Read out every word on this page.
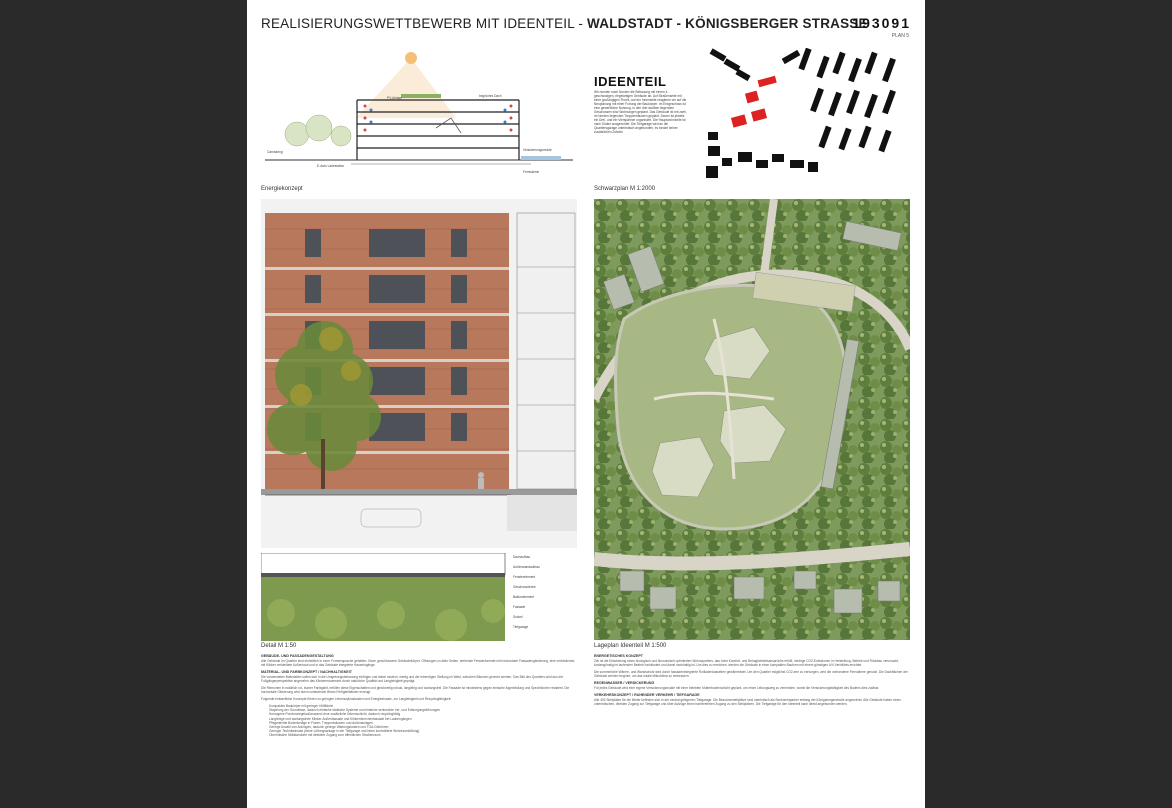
REALISIERUNGSWETTBEWERB MIT IDEENTEIL - WALDSTADT - KÖNIGSBERGER STRASSE
193091
PLAN 5
PV-Anlage	begrüntes Dach
Carsharing
E-Auto Ladestation
Fernwärme
Versickerungsmulde
Energiekonzept
IDEENTEIL
Wir nunden nach Norden die Bebauung mit einem 4- geschossigen, riegelartigen Gebäude ab. Auf Straßenseite mit einer großzügigen Flucht, auf der Innenseite reagieren wir auf die Neuplanung mit einer Fortung der Baukörper. Im Erdgeschoss ist eine gewerbliche Nutzung, in den drei darüber liegenden Geschossen sind Wohnungen geplant. Das Gebäude ist mit zwei, im Norden liegenden Treppenhäusern geplant. Davon ist jeweils ein Drei- und ein Vierspänner organisiert. Die Hauptwohnseite ist nach Süden ausgerichtet. Die Tiefgarage wird an die Quartiersgarage unterirdisch angebunden, es bedarf keiner zusätzlichen Zufahrt.
Schwarzplan M 1:2000
Dachaufbau
Außenwandaufbau
Fensterelement
Geschossdecke
Balkonelement
Fassade
Sockel
Tiefgarage
Detail M 1:50	Lageplan Ideenteil M 1:500
GEBÄUDE- UND FASSADENGESTALTUNG

Alle Gebäude im Quartier sind einheitlich in einer Formensprache gehalten. Klare, geschlossene Gebäudekörper. Öffnungen zu allen Seiten, stehende Fensterformate mit horizontaler Fassadengliederung, eine verbindende, mit Klinker verkleidete Außenhaut und in das Gebäude integrierte Hauseingänge.

MATERIAL- UND FARBKONZEPT / NACHHALTIGKEIT

Die verwendeten Materialien sollen sich in die Umgebungsbebauung einfügen und dabei modern, wertig und der lebendigen Stellung im Wald, zwischen Bäumen gerecht werden. Das Bild des Quartiers wird aus der Fußgängerperspektive angenehm das Klinkermauerwerk durch natürliche Qualität und Langlebigkeit geprägt.

Die Riemchen in natürlich rot- bunter Farbigkeit, erfüllen diese Eigenschaften und gleichzeitig robust, langlebig und wartungsfrei. Die Fassade ist mindestens gegen einfache Algenbildung und Spechtlöcher resistent. Die horizontale Gliederung wird durch umlaufende Beton-Fertigteilbänder erzeugt.

Folgende entwerfliche Konzepte führen zu geringen Lebenszykluskosten und Energieeinsatz, zur Langlebigkeit und Recyclingfähigkeit:

• Kompaktes Baukörper mit geringer Hüllfläche
• Stapelung der Grundrisse, dadurch einfache statische Systeme und einfache senkrechte Ver- und Entsorgungsführungen
• Homogene Porotonziegelaußenwand ohne zusätzliche Dämmschicht, dadurch recyclingfähig
• Langlebige und wartungsfreie Klinker-Außenfassade und Klinkerriemchenfassade bei Laubengängen
• Pflegeleichte Bodenbeläge in Fluren, Treppenhäusern und Außenanlagen
• Geringe Anzahl von Aufzügen, dadurch geringe Wartungskosten und TGA-Gebühren
• Geringer Technikeinsatz (keine Lüftungsanlage in der Tiefgarage und keine kontrollierte Wohnraumlüftung)
• Oberirdische Müllstandorte mit direktem Zugang zum öffentlichen Straßenraum
ENERGETISCHES KONZEPT

Ziel ist die Entwicklung eines ökologisch und ökonomisch optimierten Wohnquartiers, das hohe Komfort- und Behaglichkeitsansprüche erfüllt, niedrige CO2-Emissionen in Herstellung, Betrieb und Rückbau verursacht, kostengünstig im laufenden Betrieb funktioniert und damit nachhaltig ist. Um dies zu erreichen, werden die Gebäude in einer kompakten Bauform mit einem günstigen A/V-Verhältnis errichtet.

Die sommerliche Wärme- und Wandschutz wird durch fassadenintegrierte Rollladenkassetten gewährleistet. Um den Quartier möglichst CO2 arm zu versorgen, wird die vorhandene Fernwärme genutzt. Die Dachflächen der Gebäude werden begrünt, um das lokale Mikroklima zu verbessern.

REGENWASSER / VERSICKERUNG

Für jedes Gebäude wird eine eigene Versickerungsmulde mit einer belebten Mutterbodenschicht geplant, um einen Leitungsweg zu vermeiden, womit die Versickerungsfähigkeit des Bodens dies zulässt.

VERKEHRSKONZEPT / RUHENDER VERKEHR / TIEFGARAGE

Alle 452 Stellplätze für die Mieter befinden sich in der zentral gelegenen Tiefgarage. Die Besucherstellplätze sind oberirdisch als Senkrechtparker entlang der Königsbergerstraße angeordnet. Alle Gebäude haben einen unterirdischen, direkten Zugang zur Tiefgarage und über Aufzüge einen barrierefreien Zugang zu den Stellplätzen. Die Tiefgarage für den Ideenteil kann direkt angebunden werden.
